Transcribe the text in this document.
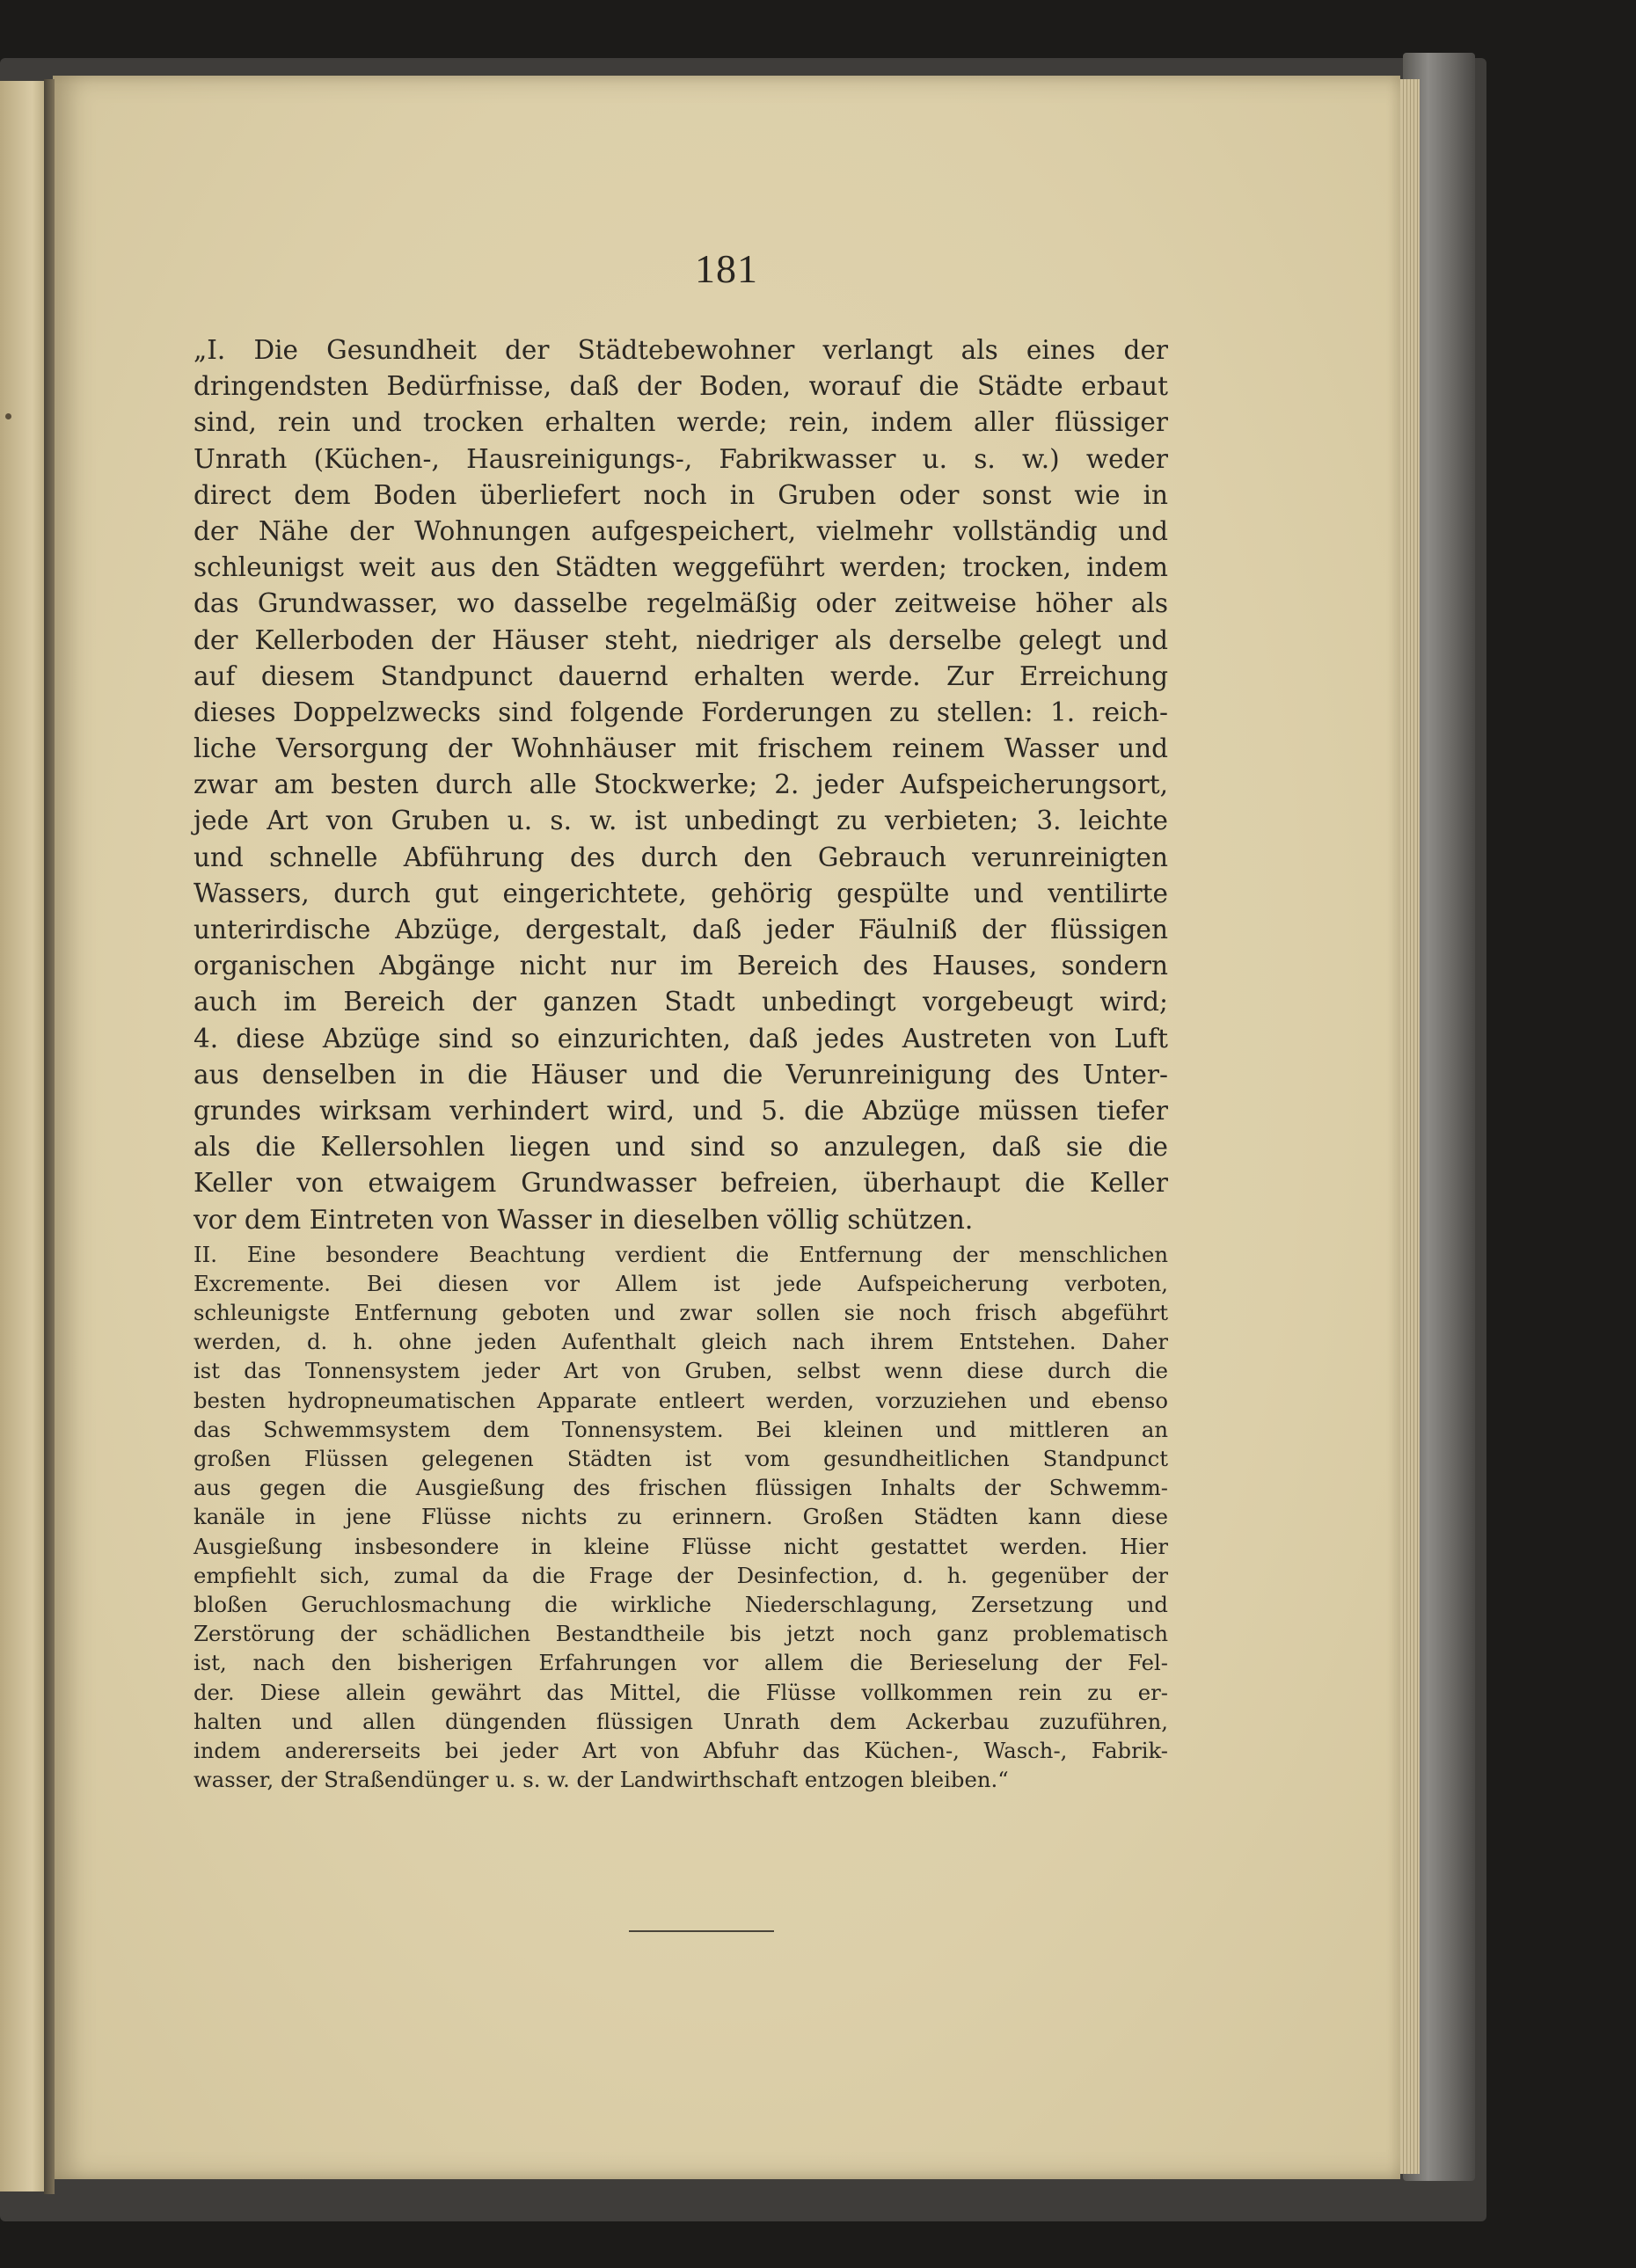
181
„I. Die Gesundheit der Städtebewohner verlangt als eines der
dringendsten Bedürfnisse, daß der Boden, worauf die Städte erbaut
sind, rein und trocken erhalten werde; rein, indem aller flüssiger
Unrath (Küchen-, Hausreinigungs-, Fabrikwasser u. s. w.) weder
direct dem Boden überliefert noch in Gruben oder sonst wie in
der Nähe der Wohnungen aufgespeichert, vielmehr vollständig und
schleunigst weit aus den Städten weggeführt werden; trocken, indem
das Grundwasser, wo dasselbe regelmäßig oder zeitweise höher als
der Kellerboden der Häuser steht, niedriger als derselbe gelegt und
auf diesem Standpunct dauernd erhalten werde. Zur Erreichung
dieses Doppelzwecks sind folgende Forderungen zu stellen: 1. reich-
liche Versorgung der Wohnhäuser mit frischem reinem Wasser und
zwar am besten durch alle Stockwerke; 2. jeder Aufspeicherungsort,
jede Art von Gruben u. s. w. ist unbedingt zu verbieten; 3. leichte
und schnelle Abführung des durch den Gebrauch verunreinigten
Wassers, durch gut eingerichtete, gehörig gespülte und ventilirte
unterirdische Abzüge, dergestalt, daß jeder Fäulniß der flüssigen
organischen Abgänge nicht nur im Bereich des Hauses, sondern
auch im Bereich der ganzen Stadt unbedingt vorgebeugt wird;
4. diese Abzüge sind so einzurichten, daß jedes Austreten von Luft
aus denselben in die Häuser und die Verunreinigung des Unter-
grundes wirksam verhindert wird, und 5. die Abzüge müssen tiefer
als die Kellersohlen liegen und sind so anzulegen, daß sie die
Keller von etwaigem Grundwasser befreien, überhaupt die Keller
vor dem Eintreten von Wasser in dieselben völlig schützen.
II. Eine besondere Beachtung verdient die Entfernung der menschlichen
Excremente. Bei diesen vor Allem ist jede Aufspeicherung verboten,
schleunigste Entfernung geboten und zwar sollen sie noch frisch abgeführt
werden, d. h. ohne jeden Aufenthalt gleich nach ihrem Entstehen. Daher
ist das Tonnensystem jeder Art von Gruben, selbst wenn diese durch die
besten hydropneumatischen Apparate entleert werden, vorzuziehen und ebenso
das Schwemmsystem dem Tonnensystem. Bei kleinen und mittleren an
großen Flüssen gelegenen Städten ist vom gesundheitlichen Standpunct
aus gegen die Ausgießung des frischen flüssigen Inhalts der Schwemm-
kanäle in jene Flüsse nichts zu erinnern. Großen Städten kann diese
Ausgießung insbesondere in kleine Flüsse nicht gestattet werden. Hier
empfiehlt sich, zumal da die Frage der Desinfection, d. h. gegenüber der
bloßen Geruchlosmachung die wirkliche Niederschlagung, Zersetzung und
Zerstörung der schädlichen Bestandtheile bis jetzt noch ganz problematisch
ist, nach den bisherigen Erfahrungen vor allem die Berieselung der Fel-
der. Diese allein gewährt das Mittel, die Flüsse vollkommen rein zu er-
halten und allen düngenden flüssigen Unrath dem Ackerbau zuzuführen,
indem andererseits bei jeder Art von Abfuhr das Küchen-, Wasch-, Fabrik-
wasser, der Straßendünger u. s. w. der Landwirthschaft entzogen bleiben.“
